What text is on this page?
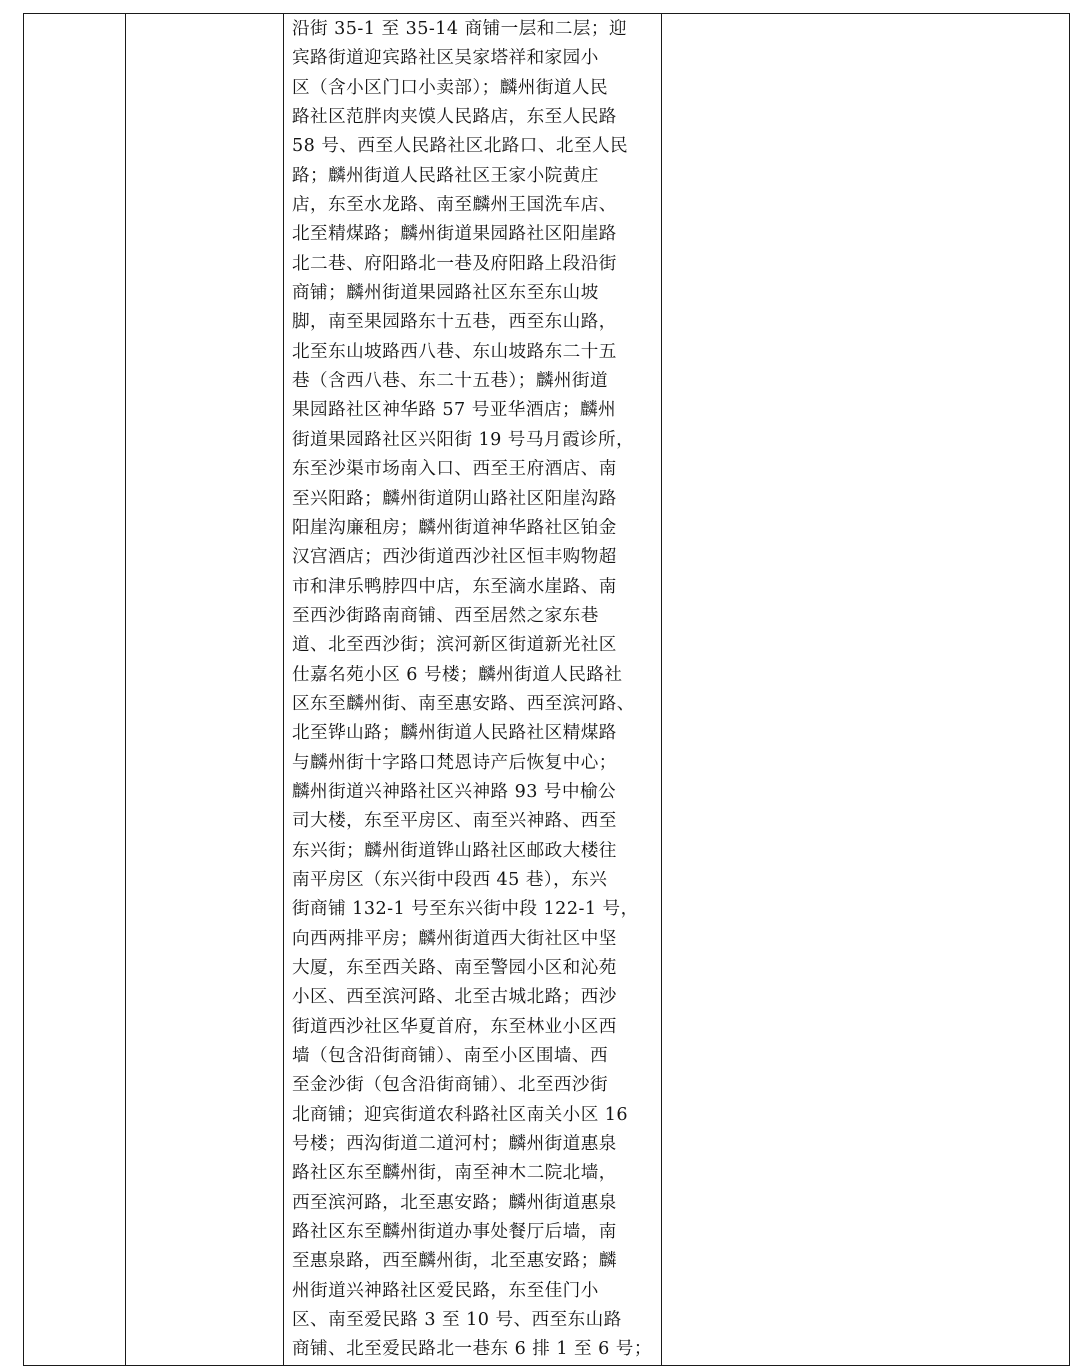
沿街 35-1 至 35-14 商铺一层和二层；迎
宾路街道迎宾路社区吴家塔祥和家园小
区（含小区门口小卖部）；麟州街道人民
路社区范胖肉夹馍人民路店，东至人民路
58 号、西至人民路社区北路口、北至人民
路；麟州街道人民路社区王家小院黄庄
店，东至水龙路、南至麟州王国洗车店、
北至精煤路；麟州街道果园路社区阳崖路
北二巷、府阳路北一巷及府阳路上段沿街
商铺；麟州街道果园路社区东至东山坡
脚，南至果园路东十五巷，西至东山路，
北至东山坡路西八巷、东山坡路东二十五
巷（含西八巷、东二十五巷）；麟州街道
果园路社区神华路 57 号亚华酒店；麟州
街道果园路社区兴阳街 19 号马月霞诊所，
东至沙渠市场南入口、西至王府酒店、南
至兴阳路；麟州街道阴山路社区阳崖沟路
阳崖沟廉租房；麟州街道神华路社区铂金
汉宫酒店；西沙街道西沙社区恒丰购物超
市和津乐鸭脖四中店，东至滴水崖路、南
至西沙街路南商铺、西至居然之家东巷
道、北至西沙街；滨河新区街道新光社区
仕嘉名苑小区 6 号楼；麟州街道人民路社
区东至麟州街、南至惠安路、西至滨河路、
北至铧山路；麟州街道人民路社区精煤路
与麟州街十字路口梵恩诗产后恢复中心；
麟州街道兴神路社区兴神路 93 号中榆公
司大楼，东至平房区、南至兴神路、西至
东兴街；麟州街道铧山路社区邮政大楼往
南平房区（东兴街中段西 45 巷），东兴
街商铺 132-1 号至东兴街中段 122-1 号，
向西两排平房；麟州街道西大街社区中坚
大厦，东至西关路、南至警园小区和沁苑
小区、西至滨河路、北至古城北路；西沙
街道西沙社区华夏首府，东至林业小区西
墙（包含沿街商铺）、南至小区围墙、西
至金沙街（包含沿街商铺）、北至西沙街
北商铺；迎宾街道农科路社区南关小区 16
号楼；西沟街道二道河村；麟州街道惠泉
路社区东至麟州街，南至神木二院北墙，
西至滨河路，北至惠安路；麟州街道惠泉
路社区东至麟州街道办事处餐厅后墙，南
至惠泉路，西至麟州街，北至惠安路；麟
州街道兴神路社区爱民路，东至佳门小
区、南至爱民路 3 至 10 号、西至东山路
商铺、北至爱民路北一巷东 6 排 1 至 6 号；
